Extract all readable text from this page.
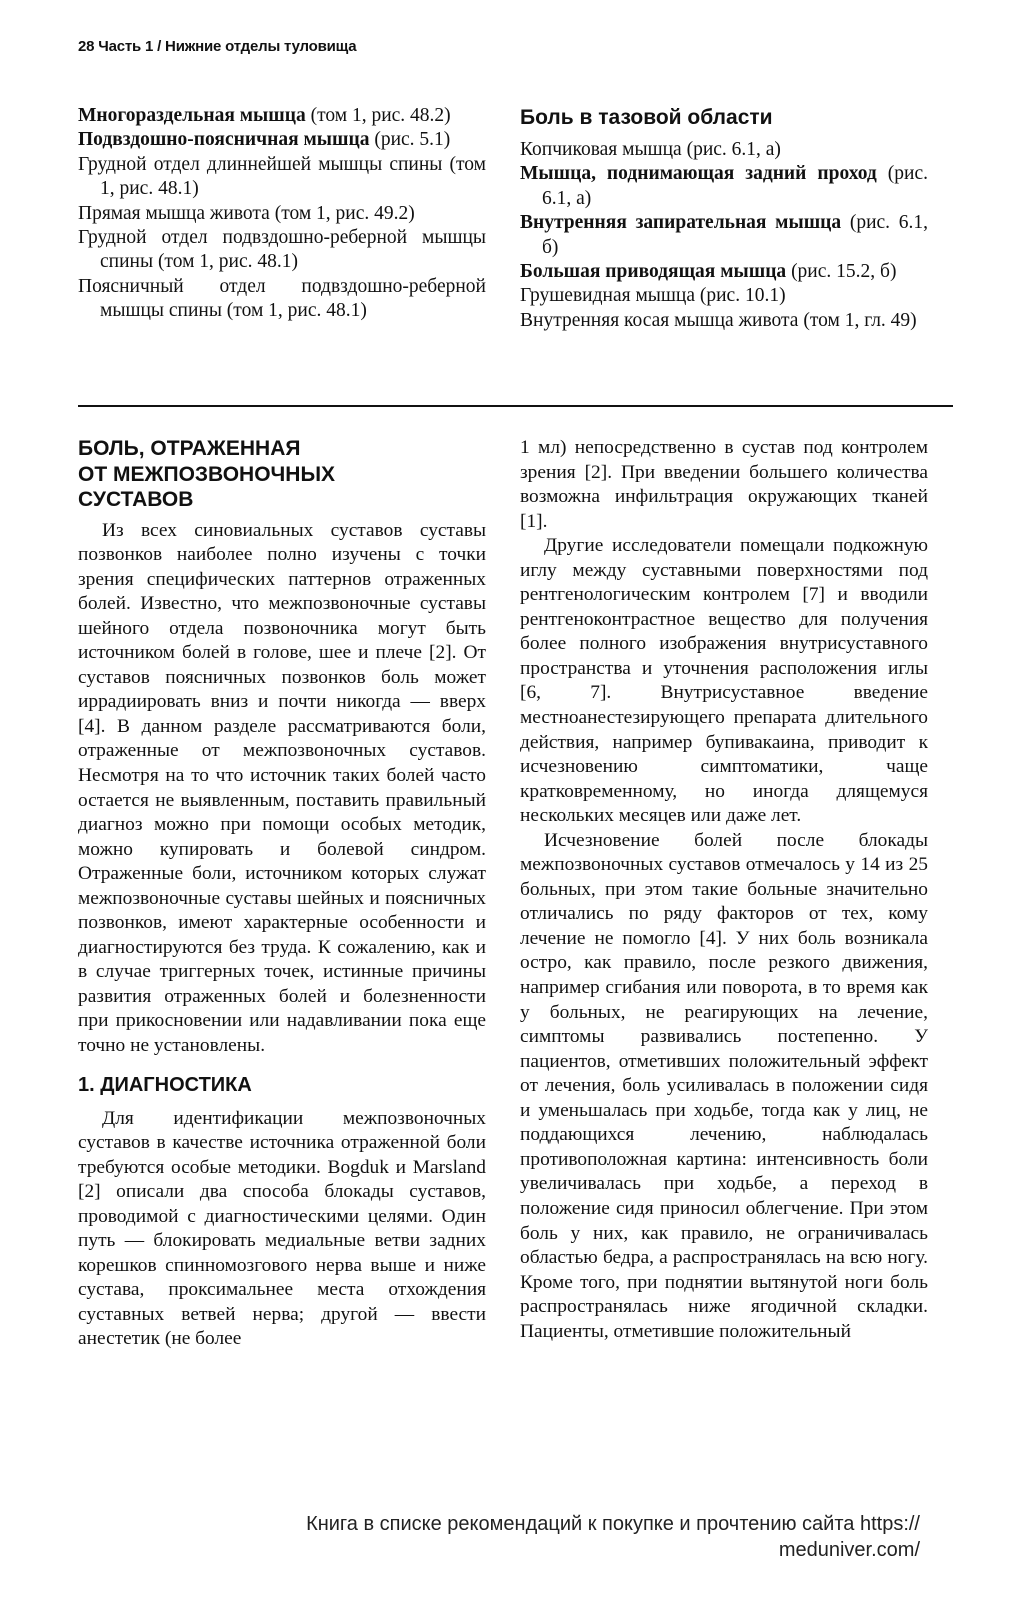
28 Часть 1 / Нижние отделы туловища

Многораздельная мышца (том 1, рис. 48.2)

Подвздошно-поясничная мышца (рис. 5.1)

Грудной отдел длиннейшей мышцы спины (том 1, рис. 48.1)

Прямая мышца живота (том 1, рис. 49.2)

Грудной отдел подвздошно-реберной мышцы спины (том 1, рис. 48.1)

Поясничный отдел подвздошно-реберной мышцы спины (том 1, рис. 48.1)

Боль в тазовой области

Копчиковая мышца (рис. 6.1, а)

Мышца, поднимающая задний проход (рис. 6.1, а)

Внутренняя запирательная мышца (рис. 6.1, б)

Большая приводящая мышца (рис. 15.2, б)

Грушевидная мышца (рис. 10.1)

Внутренняя косая мышца живота (том 1, гл. 49)

БОЛЬ, ОТРАЖЕННАЯ
ОТ МЕЖПОЗВОНОЧНЫХ
СУСТАВОВ

Из всех синовиальных суставов суставы позвонков наиболее полно изучены с точки зрения специфических паттернов отраженных болей. Известно, что межпозвоночные суставы шейного отдела позвоночника могут быть источником болей в голове, шее и плече [2]. От суставов поясничных позвонков боль может иррадиировать вниз и почти никогда — вверх [4]. В данном разделе рассматриваются боли, отраженные от межпозвоночных суставов. Несмотря на то что источник таких болей часто остается не выявленным, поставить правильный диагноз можно при помощи особых методик, можно купировать и болевой синдром. Отраженные боли, источником которых служат межпозвоночные суставы шейных и поясничных позвонков, имеют характерные особенности и диагностируются без труда. К сожалению, как и в случае триггерных точек, истинные причины развития отраженных болей и болезненности при прикосновении или надавливании пока еще точно не установлены.

1. ДИАГНОСТИКА

Для идентификации межпозвоночных суставов в качестве источника отраженной боли требуются особые методики. Bogduk и Marsland [2] описали два способа блокады суставов, проводимой с диагностическими целями. Один путь — блокировать медиальные ветви задних корешков спинномозгового нерва выше и ниже сустава, проксимальнее места отхождения суставных ветвей нерва; другой — ввести анестетик (не более

1 мл) непосредственно в сустав под контролем зрения [2]. При введении большего количества возможна инфильтрация окружающих тканей [1].

Другие исследователи помещали подкожную иглу между суставными поверхностями под рентгенологическим контролем [7] и вводили рентгеноконтрастное вещество для получения более полного изображения внутрисуставного пространства и уточнения расположения иглы [6, 7]. Внутрисуставное введение местноанестезирующего препарата длительного действия, например бупивакаина, приводит к исчезновению симптоматики, чаще кратковременному, но иногда длящемуся нескольких месяцев или даже лет.

Исчезновение болей после блокады межпозвоночных суставов отмечалось у 14 из 25 больных, при этом такие больные значительно отличались по ряду факторов от тех, кому лечение не помогло [4]. У них боль возникала остро, как правило, после резкого движения, например сгибания или поворота, в то время как у больных, не реагирующих на лечение, симптомы развивались постепенно. У пациентов, отметивших положительный эффект от лечения, боль усиливалась в положении сидя и уменьшалась при ходьбе, тогда как у лиц, не поддающихся лечению, наблюдалась противоположная картина: интенсивность боли увеличивалась при ходьбе, а переход в положение сидя приносил облегчение. При этом боль у них, как правило, не ограничивалась областью бедра, а распространялась на всю ногу. Кроме того, при поднятии вытянутой ноги боль распространялась ниже ягодичной складки. Пациенты, отметившие положительный

Книга в списке рекомендаций к покупке и прочтению сайта https://
meduniver.com/
